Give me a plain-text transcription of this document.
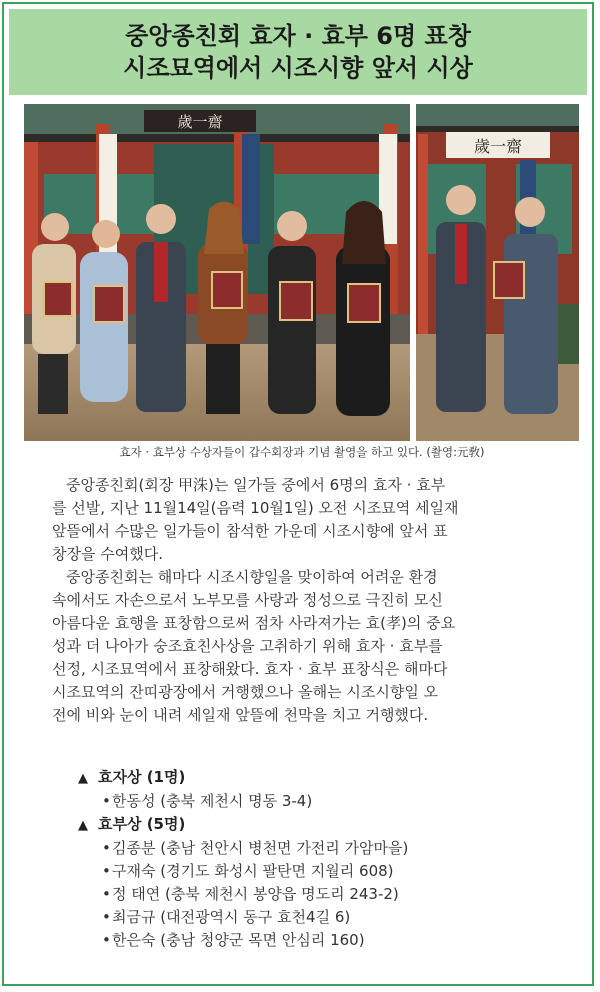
중앙종친회 효자 · 효부 6명 표창
시조묘역에서 시조시향 앞서 시상
歲一齋
歲一齋
효자 · 효부상 수상자들이 갑수회장과 기념 촬영을 하고 있다. (촬영:元敎)

중앙종친회(회장 甲洙)는 일가들 중에서 6명의 효자 · 효부
를 선발, 지난 11월14일(음력 10월1일) 오전 시조묘역 세일재
앞뜰에서 수많은 일가들이 참석한 가운데 시조시향에 앞서 표
창장을 수여했다.

중앙종친회는 해마다 시조시향일을 맞이하여 어려운 환경
속에서도 자손으로서 노부모를 사랑과 정성으로 극진히 모신
아름다운 효행을 표창함으로써 점차 사라져가는 효(孝)의 중요
성과 더 나아가 숭조효친사상을 고취하기 위해 효자 · 효부를
선정, 시조묘역에서 표창해왔다. 효자 · 효부 표창식은 해마다
시조묘역의 잔띠광장에서 거행했으나 올해는 시조시향일 오
전에 비와 눈이 내려 세일재 앞뜰에 천막을 치고 거행했다.

▲ 효자상 (1명)
•한동성 (충북 제천시 명동 3-4)
▲ 효부상 (5명)
•김종분 (충남 천안시 병천면 가전리 가암마을)
•구재숙 (경기도 화성시 팔탄면 지월리 608)
•정 태연 (충북 제천시 봉양읍 명도리 243-2)
•최금규 (대전광역시 동구 효천4길 6)
•한은숙 (충남 청양군 목면 안심리 160)
